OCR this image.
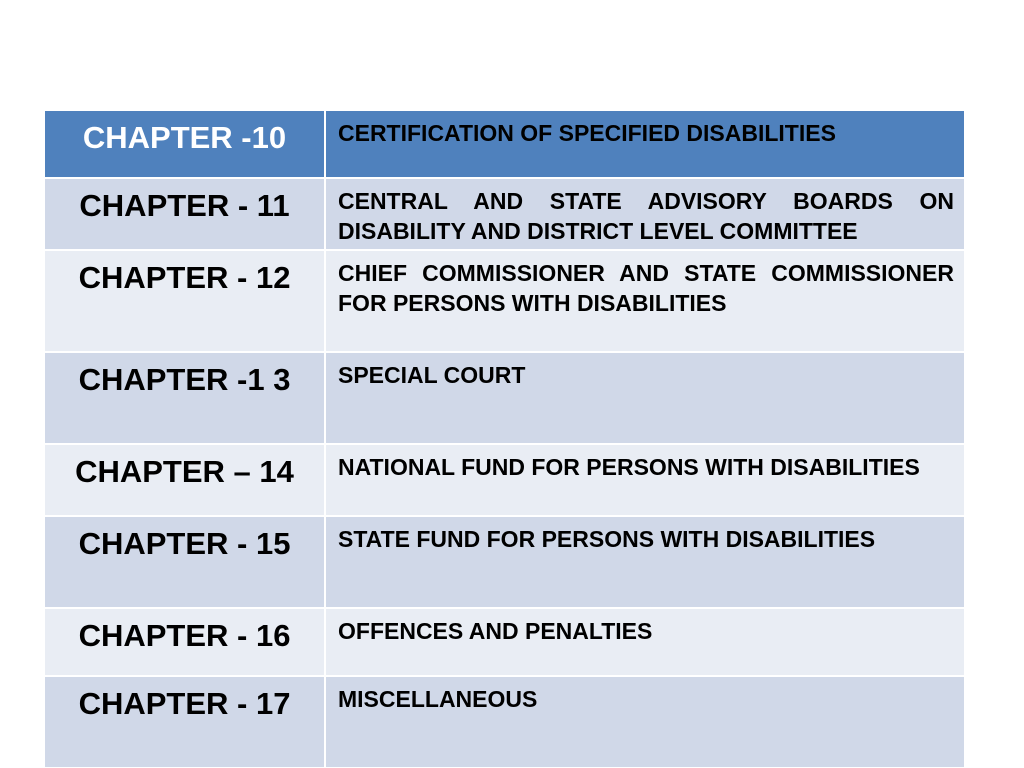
CHAPTER -10	CERTIFICATION OF SPECIFIED DISABILITIES
CHAPTER - 11	CENTRAL AND STATE ADVISORY BOARDS ON DISABILITY AND DISTRICT LEVEL COMMITTEE
CHAPTER - 12	CHIEF COMMISSIONER AND STATE COMMISSIONER FOR PERSONS WITH DISABILITIES
CHAPTER -1 3	SPECIAL COURT
CHAPTER – 14	NATIONAL FUND FOR PERSONS WITH DISABILITIES
CHAPTER - 15	STATE FUND FOR PERSONS WITH DISABILITIES
CHAPTER - 16	OFFENCES AND PENALTIES
CHAPTER - 17	MISCELLANEOUS
